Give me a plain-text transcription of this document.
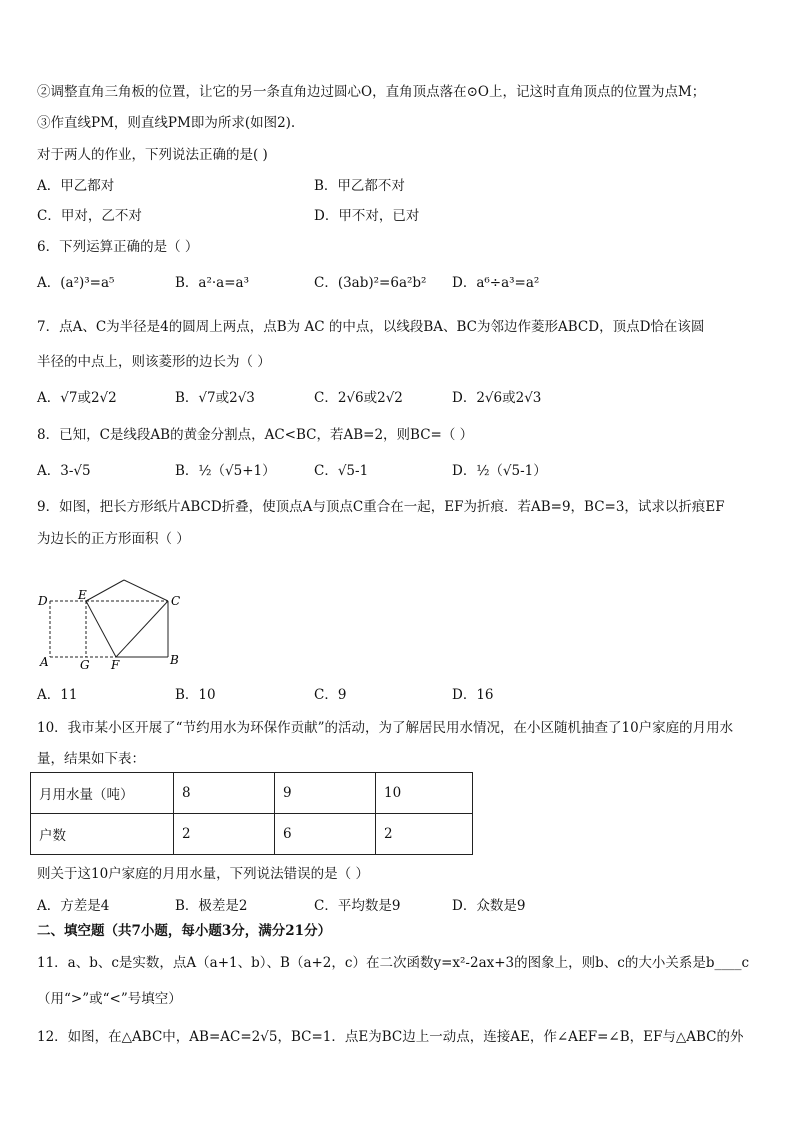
②调整直角三角板的位置，让它的另一条直角边过圆心O，直角顶点落在⊙O上，记这时直角顶点的位置为点M；
③作直线PM，则直线PM即为所求(如图2).
对于两人的作业，下列说法正确的是( )
A．甲乙都对	B．甲乙都不对
C．甲对，乙不对	D．甲不对，已对
6．下列运算正确的是（ ）
A．(a²)³=a⁵	B．a²·a=a³	C．(3ab)²=6a²b² D．a⁶÷a³=a²
7．点A、C为半径是4的圆周上两点，点B为 AC 的中点，以线段BA、BC为邻边作菱形ABCD，顶点D恰在该圆
半径的中点上，则该菱形的边长为（ ）
A．√7或2√2	B．√7或2√3	C．2√6或2√2	D．2√6或2√3
8．已知，C是线段AB的黄金分割点，AC<BC，若AB=2，则BC=（ ）
A．3-√5	B．½（√5+1）	C．√5-1	D．½（√5-1）
9．如图，把长方形纸片ABCD折叠，使顶点A与顶点C重合在一起，EF为折痕．若AB=9，BC=3，试求以折痕EF
为边长的正方形面积（ ）
D	E	C
A	G F	B
A．11	B．10	C．9	D．16
10．我市某小区开展了“节约用水为环保作贡献”的活动，为了解居民用水情况，在小区随机抽查了10户家庭的月用水
量，结果如下表：
月用水量（吨）	8	9	10
户数	2	6	2
则关于这10户家庭的月用水量，下列说法错误的是（ ）
A．方差是4	B．极差是2	C．平均数是9	D．众数是9
二、填空题（共7小题，每小题3分，满分21分）
11．a、b、c是实数，点A（a+1、b）、B（a+2，c）在二次函数y=x²-2ax+3的图象上，则b、c的大小关系是b____c
（用“>”或“<”号填空）
12．如图，在△ABC中，AB=AC=2√5，BC=1．点E为BC边上一动点，连接AE，作∠AEF=∠B，EF与△ABC的外
